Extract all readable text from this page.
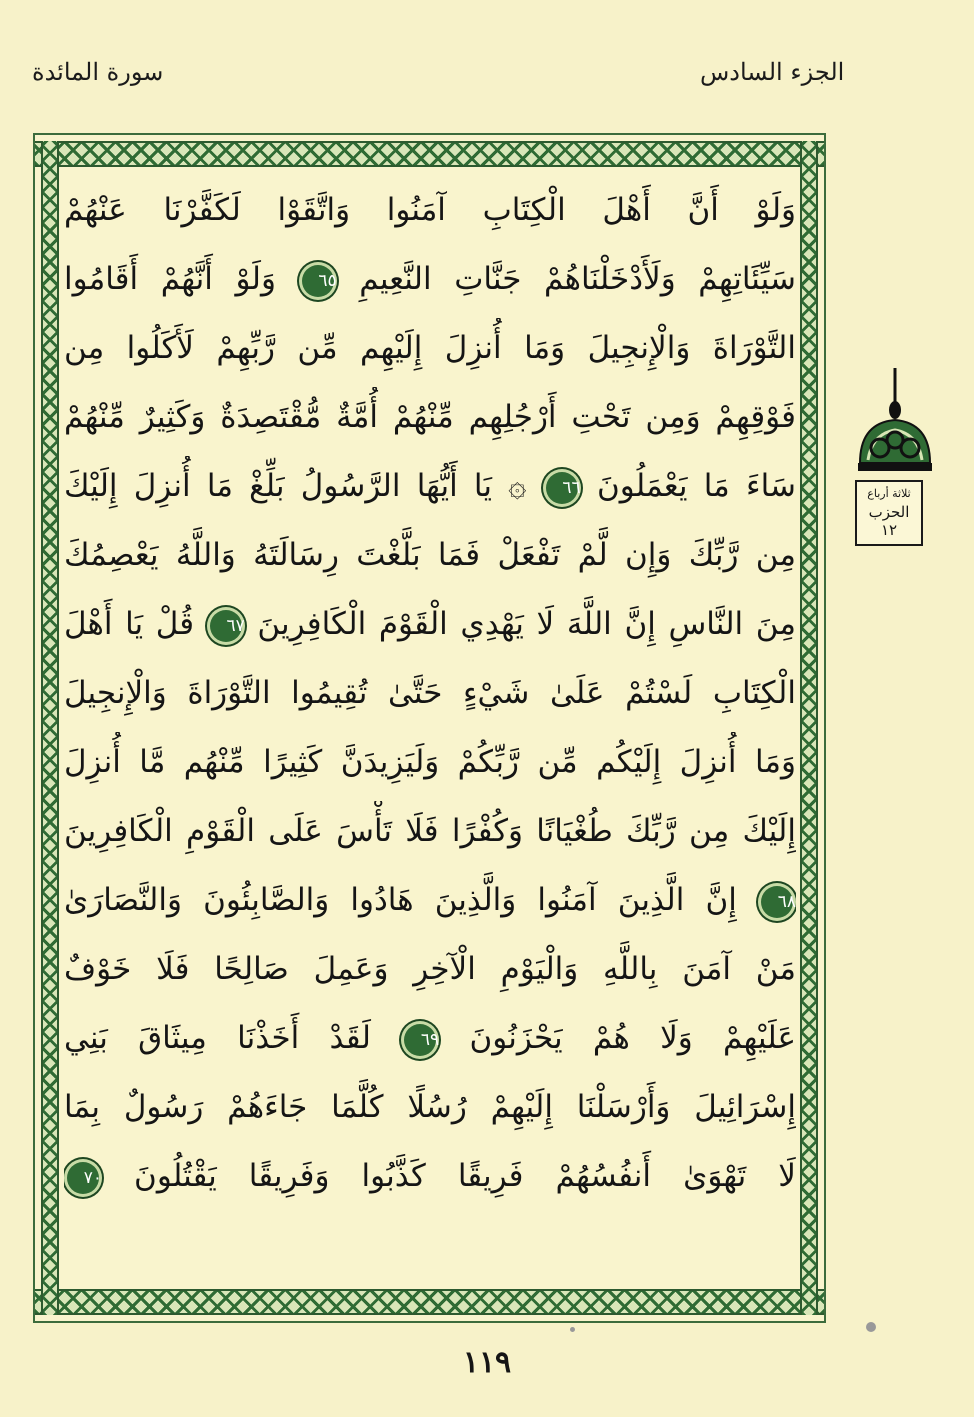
الجزء السادس
سورة المائدة
وَلَوْ أَنَّ أَهْلَ الْكِتَابِ آمَنُوا وَاتَّقَوْا لَكَفَّرْنَا عَنْهُمْ
سَيِّئَاتِهِمْ وَلَأَدْخَلْنَاهُمْ جَنَّاتِ النَّعِيمِ ٦٥ وَلَوْ أَنَّهُمْ أَقَامُوا
التَّوْرَاةَ وَالْإِنجِيلَ وَمَا أُنزِلَ إِلَيْهِم مِّن رَّبِّهِمْ لَأَكَلُوا مِن
فَوْقِهِمْ وَمِن تَحْتِ أَرْجُلِهِم مِّنْهُمْ أُمَّةٌ مُّقْتَصِدَةٌ وَكَثِيرٌ مِّنْهُمْ
سَاءَ مَا يَعْمَلُونَ ٦٦ ۞ يَا أَيُّهَا الرَّسُولُ بَلِّغْ مَا أُنزِلَ إِلَيْكَ
مِن رَّبِّكَ وَإِن لَّمْ تَفْعَلْ فَمَا بَلَّغْتَ رِسَالَتَهُ وَاللَّهُ يَعْصِمُكَ
مِنَ النَّاسِ إِنَّ اللَّهَ لَا يَهْدِي الْقَوْمَ الْكَافِرِينَ ٦٧ قُلْ يَا أَهْلَ
الْكِتَابِ لَسْتُمْ عَلَىٰ شَيْءٍ حَتَّىٰ تُقِيمُوا التَّوْرَاةَ وَالْإِنجِيلَ
وَمَا أُنزِلَ إِلَيْكُم مِّن رَّبِّكُمْ وَلَيَزِيدَنَّ كَثِيرًا مِّنْهُم مَّا أُنزِلَ
إِلَيْكَ مِن رَّبِّكَ طُغْيَانًا وَكُفْرًا فَلَا تَأْسَ عَلَى الْقَوْمِ الْكَافِرِينَ
٦٨ إِنَّ الَّذِينَ آمَنُوا وَالَّذِينَ هَادُوا وَالصَّابِئُونَ وَالنَّصَارَىٰ
مَنْ آمَنَ بِاللَّهِ وَالْيَوْمِ الْآخِرِ وَعَمِلَ صَالِحًا فَلَا خَوْفٌ
عَلَيْهِمْ وَلَا هُمْ يَحْزَنُونَ ٦٩ لَقَدْ أَخَذْنَا مِيثَاقَ بَنِي
إِسْرَائِيلَ وَأَرْسَلْنَا إِلَيْهِمْ رُسُلًا كُلَّمَا جَاءَهُمْ رَسُولٌ بِمَا
لَا تَهْوَىٰ أَنفُسُهُمْ فَرِيقًا كَذَّبُوا وَفَرِيقًا يَقْتُلُونَ ٧٠
ثلاثة أرباع
الحزب
١٢
١١٩
